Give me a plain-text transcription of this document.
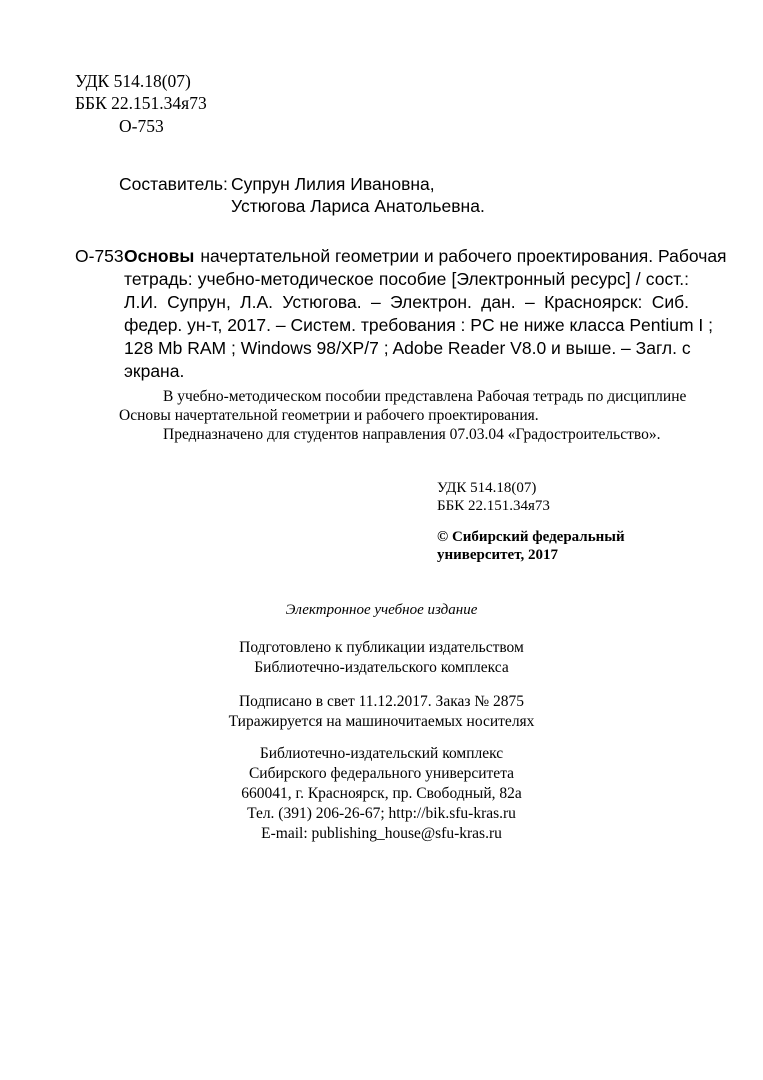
УДК 514.18(07)
ББК 22.151.34я73
О-753
Составитель: Супрун Лилия Ивановна,
Устюгова Лариса Анатольевна.
О-753 Основы начертательной геометрии и рабочего проектирования. Рабочая
тетрадь: учебно-методическое пособие [Электронный ресурс] / сост.:
Л.И. Супрун, Л.А. Устюгова. – Электрон. дан. – Красноярск: Сиб.
федер. ун-т, 2017. – Систем. требования : PC не ниже класса Pentium I ;
128 Mb RAM ; Windows 98/XP/7 ; Adobe Reader V8.0 и выше. – Загл. с
экрана.
В учебно-методическом пособии представлена Рабочая тетрадь по дисциплине
Основы начертательной геометрии и рабочего проектирования.
Предназначено для студентов направления 07.03.04 «Градостроительство».
УДК 514.18(07)
ББК 22.151.34я73
© Сибирский федеральный
университет, 2017
Электронное учебное издание
Подготовлено к публикации издательством
Библиотечно-издательского комплекса
Подписано в свет 11.12.2017. Заказ № 2875
Тиражируется на машиночитаемых носителях
Библиотечно-издательский комплекс
Сибирского федерального университета
660041, г. Красноярск, пр. Свободный, 82а
Тел. (391) 206-26-67; http://bik.sfu-kras.ru
E-mail: publishing_house@sfu-kras.ru
